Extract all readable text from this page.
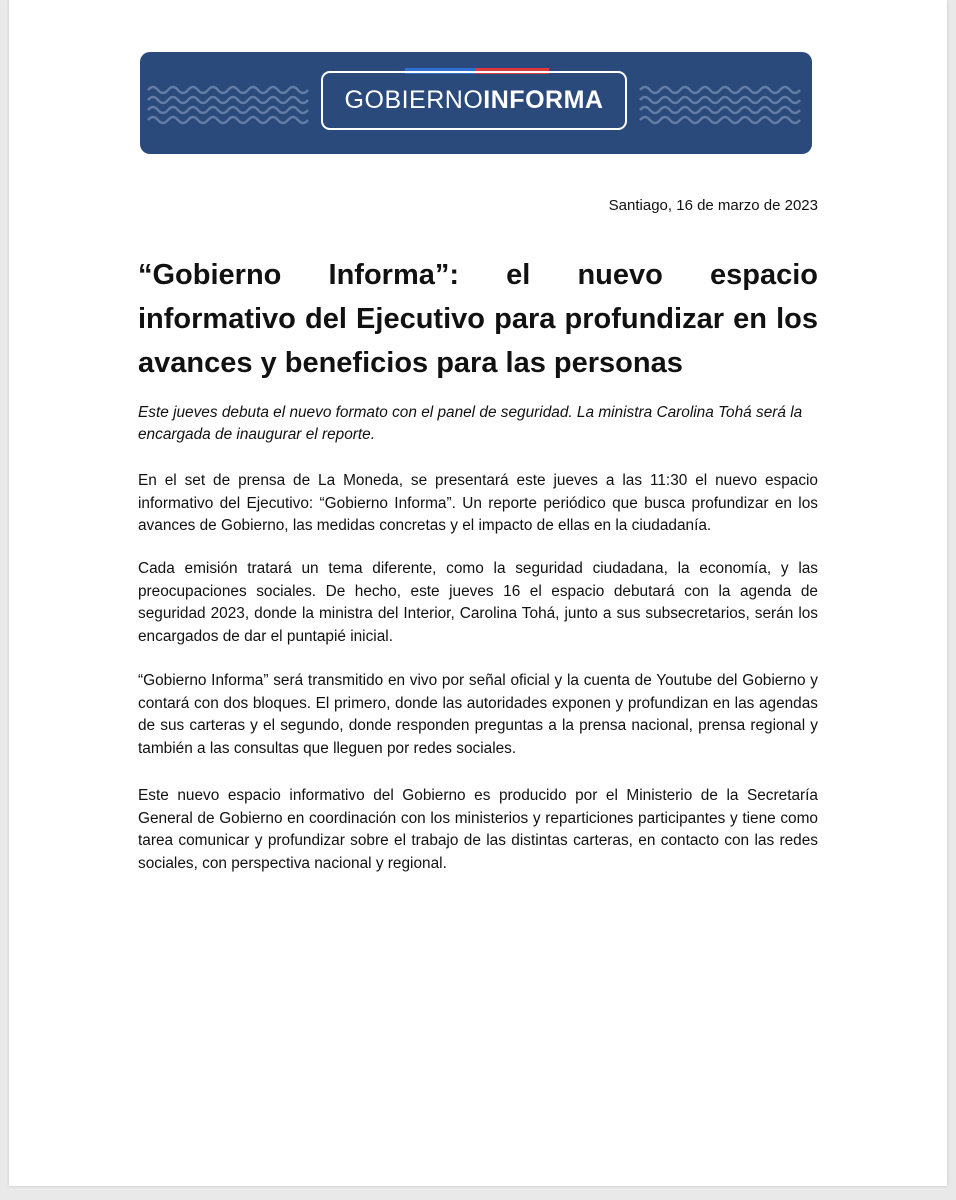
GOBIERNO INFORMA
Santiago, 16 de marzo de 2023
“Gobierno Informa”: el nuevo espacio informativo del Ejecutivo para profundizar en los avances y beneficios para las personas

Este jueves debuta el nuevo formato con el panel de seguridad. La ministra Carolina Tohá será la encargada de inaugurar el reporte.

En el set de prensa de La Moneda, se presentará este jueves a las 11:30 el nuevo espacio informativo del Ejecutivo: “Gobierno Informa”. Un reporte periódico que busca profundizar en los avances de Gobierno, las medidas concretas y el impacto de ellas en la ciudadanía.

Cada emisión tratará un tema diferente, como la seguridad ciudadana, la economía, y las preocupaciones sociales. De hecho, este jueves 16 el espacio debutará con la agenda de seguridad 2023, donde la ministra del Interior, Carolina Tohá, junto a sus subsecretarios, serán los encargados de dar el puntapié inicial.

“Gobierno Informa” será transmitido en vivo por señal oficial y la cuenta de Youtube del Gobierno y contará con dos bloques. El primero, donde las autoridades exponen y profundizan en las agendas de sus carteras y el segundo, donde responden preguntas a la prensa nacional, prensa regional y también a las consultas que lleguen por redes sociales.

Este nuevo espacio informativo del Gobierno es producido por el Ministerio de la Secretaría General de Gobierno en coordinación con los ministerios y reparticiones participantes y tiene como tarea comunicar y profundizar sobre el trabajo de las distintas carteras, en contacto con las redes sociales, con perspectiva nacional y regional.
